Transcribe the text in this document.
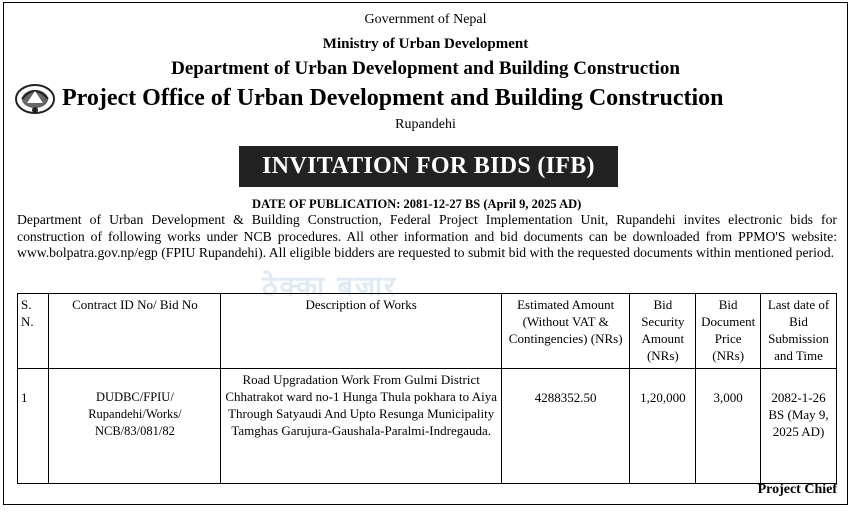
Government of Nepal
Ministry of Urban Development
Department of Urban Development and Building Construction
Project Office of Urban Development and Building Construction
Rupandehi
INVITATION FOR BIDS (IFB)
DATE OF PUBLICATION: 2081-12-27 BS (April 9, 2025 AD)
Department of Urban Development & Building Construction, Federal Project Implementation Unit, Rupandehi invites electronic bids for construction of following works under NCB procedures. All other information and bid documents can be downloaded from PPMO'S website: www.bolpatra.gov.np/egp (FPIU Rupandehi). All eligible bidders are requested to submit bid with the requested documents within mentioned period.
ठेक्का बजार
S. N.	Contract ID No/ Bid No	Description of Works	Estimated Amount (Without VAT & Contingencies) (NRs)	Bid Security Amount (NRs)	Bid Document Price (NRs)	Last date of Bid Submission and Time
1	DUDBC/FPIU/ Rupandehi/Works/ NCB/83/081/82	Road Upgradation Work From Gulmi District Chhatrakot ward no-1 Hunga Thula pokhara to Aiya Through Satyaudi And Upto Resunga Municipality Tamghas Garujura-Gaushala-Paralmi-Indregauda.	4288352.50	1,20,000	3,000	2082-1-26 BS (May 9, 2025 AD)
Project Chief
